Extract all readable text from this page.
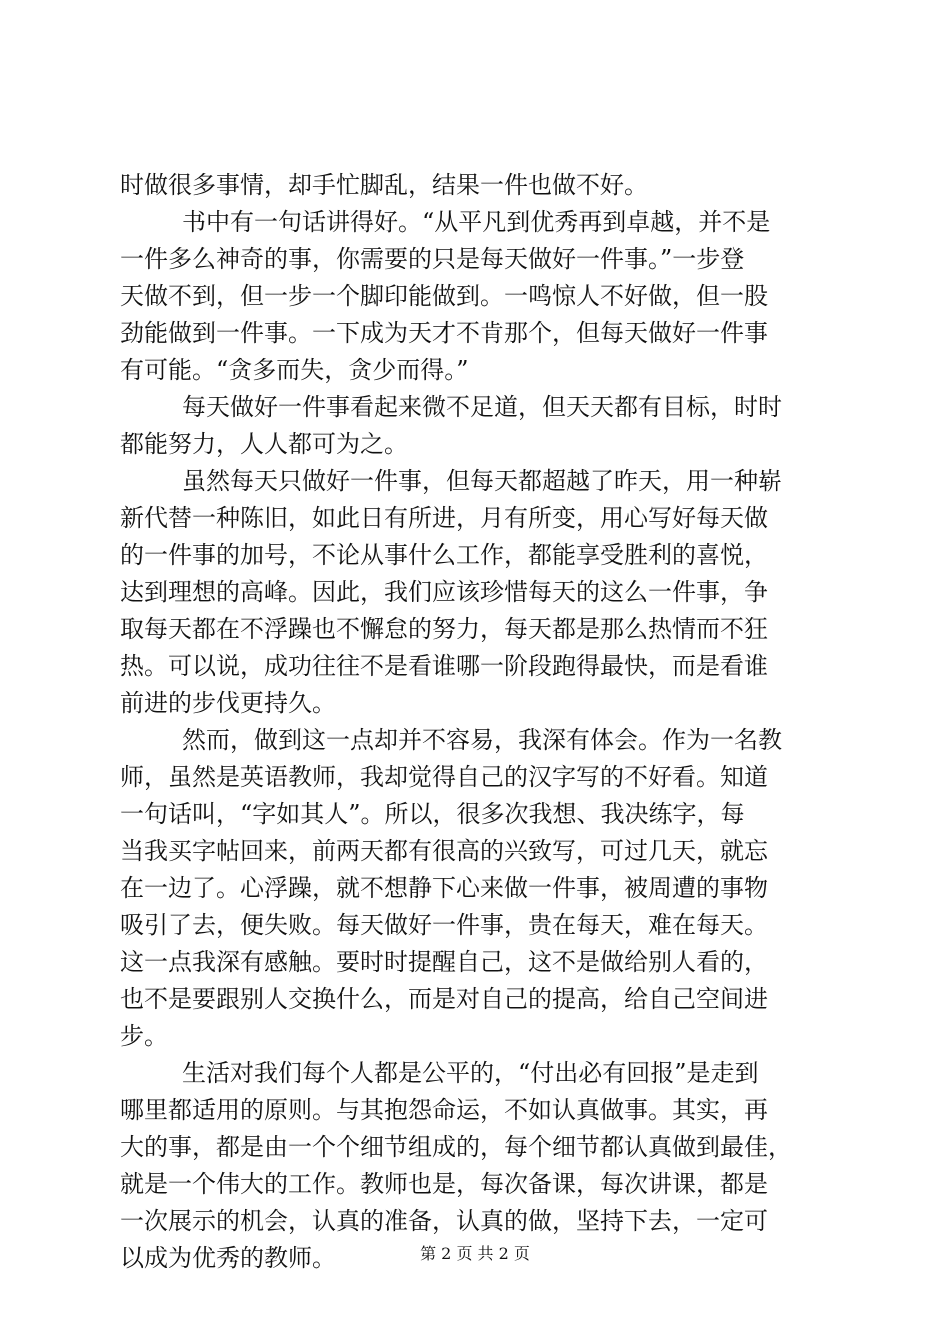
时做很多事情，却手忙脚乱，结果一件也做不好。
书中有一句话讲得好。“从平凡到优秀再到卓越，并不是
一件多么神奇的事，你需要的只是每天做好一件事。”一步登
天做不到，但一步一个脚印能做到。一鸣惊人不好做，但一股
劲能做到一件事。一下成为天才不肯那个，但每天做好一件事
有可能。“贪多而失，贪少而得。”
每天做好一件事看起来微不足道，但天天都有目标，时时
都能努力，人人都可为之。
虽然每天只做好一件事，但每天都超越了昨天，用一种崭
新代替一种陈旧，如此日有所进，月有所变，用心写好每天做
的一件事的加号，不论从事什么工作，都能享受胜利的喜悦，
达到理想的高峰。因此，我们应该珍惜每天的这么一件事，争
取每天都在不浮躁也不懈怠的努力，每天都是那么热情而不狂
热。可以说，成功往往不是看谁哪一阶段跑得最快，而是看谁
前进的步伐更持久。
然而，做到这一点却并不容易，我深有体会。作为一名教
师，虽然是英语教师，我却觉得自己的汉字写的不好看。知道
一句话叫，“字如其人”。所以，很多次我想、我决练字，每
当我买字帖回来，前两天都有很高的兴致写，可过几天，就忘
在一边了。心浮躁，就不想静下心来做一件事，被周遭的事物
吸引了去，便失败。每天做好一件事，贵在每天，难在每天。
这一点我深有感触。要时时提醒自己，这不是做给别人看的，
也不是要跟别人交换什么，而是对自己的提高，给自己空间进
步。
生活对我们每个人都是公平的，“付出必有回报”是走到
哪里都适用的原则。与其抱怨命运，不如认真做事。其实，再
大的事，都是由一个个细节组成的，每个细节都认真做到最佳，
就是一个伟大的工作。教师也是，每次备课，每次讲课，都是
一次展示的机会，认真的准备，认真的做，坚持下去，一定可
以成为优秀的教师。	第 2 页 共 2 页
